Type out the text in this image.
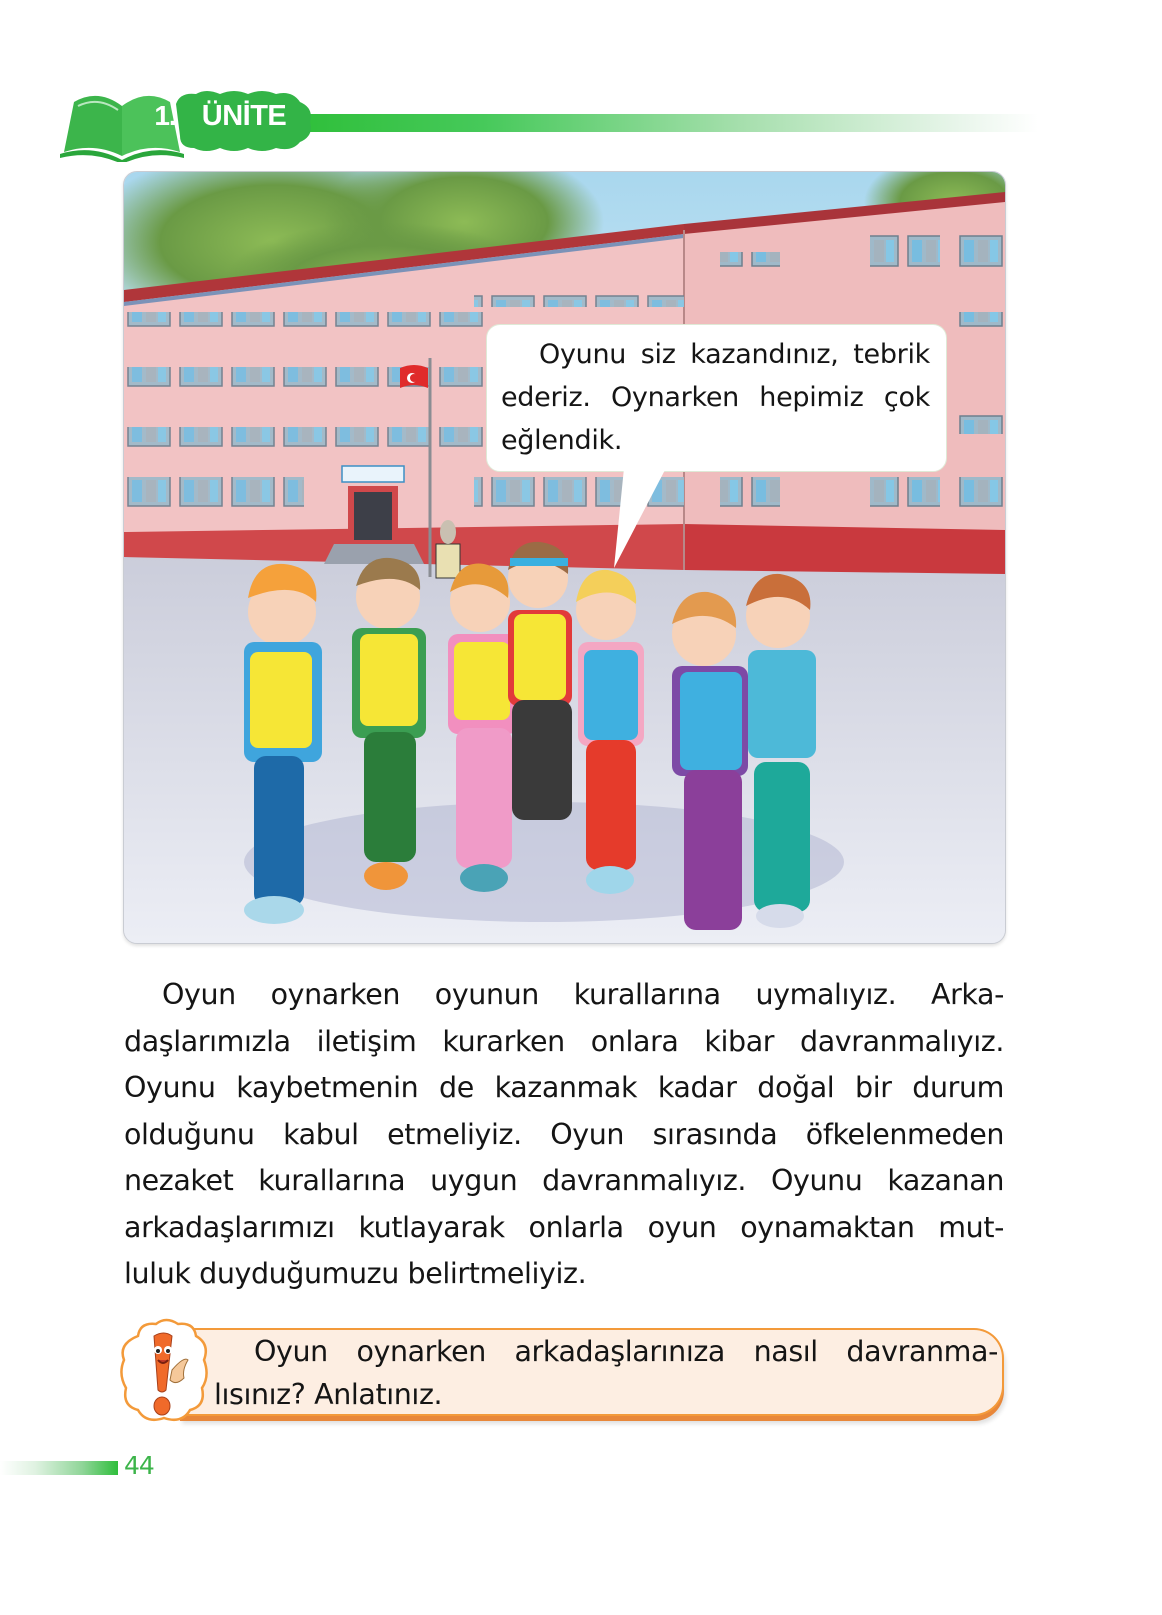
1. ÜNİTE

Oyunu siz kazandınız, tebrik ederiz. Oynarken hepimiz çok eğlendik.

Oyun oynarken oyunun kurallarına uymalıyız. Arka-
daşlarımızla iletişim kurarken onlara kibar davranmalıyız.
Oyunu kaybetmenin de kazanmak kadar doğal bir durum
olduğunu kabul etmeliyiz. Oyun sırasında öfkelenmeden
nezaket kurallarına uygun davranmalıyız. Oyunu kazanan
arkadaşlarımızı kutlayarak onlarla oyun oynamaktan mut-
luluk duyduğumuzu belirtmeliyiz.

Oyun oynarken arkadaşlarınıza nasıl davranma-
lısınız? Anlatınız.

44
